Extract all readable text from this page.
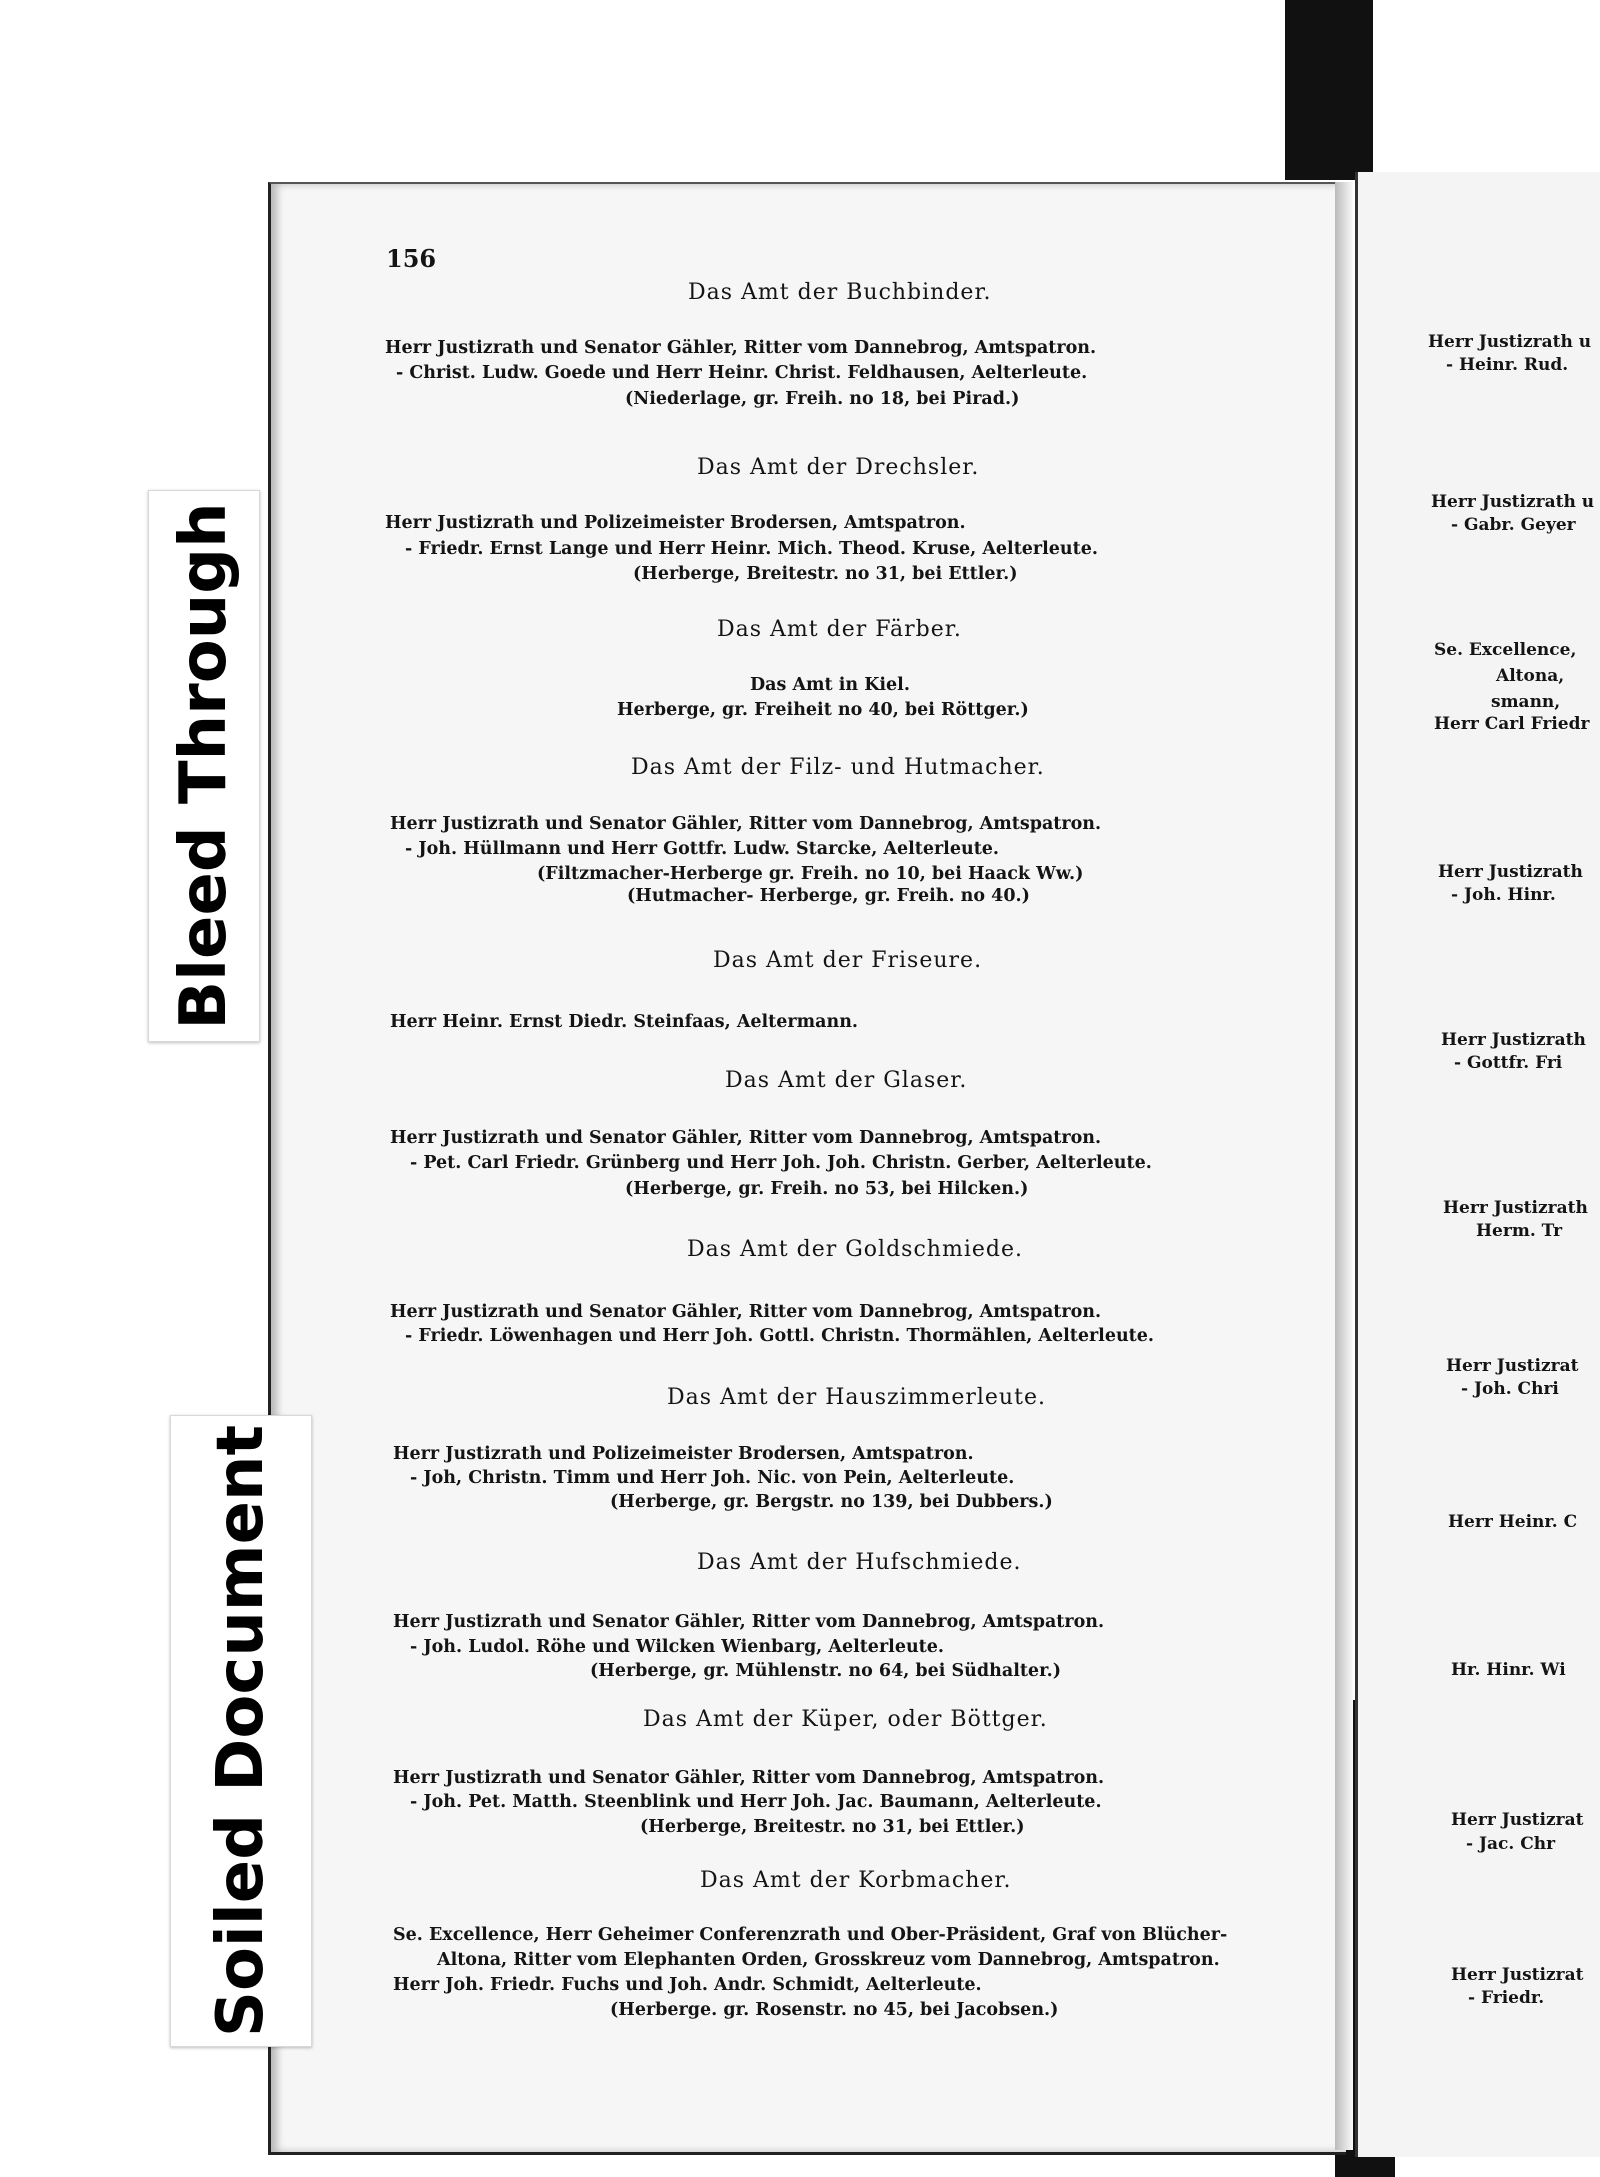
Herr Justizrath u
- Heinr. Rud.
Herr Justizrath u
- Gabr. Geyer
Se. Excellence,
Altona,
smann,
Herr Carl Friedr
Herr Justizrath
- Joh. Hinr.
Herr Justizrath
- Gottfr. Fri
Herr Justizrath
Herm. Tr
Herr Justizrat
- Joh. Chri
Herr Heinr. C
Hr. Hinr. Wi
Herr Justizrat
- Jac. Chr
Herr Justizrat
- Friedr.
Bleed Through
Soiled Document
156
Das Amt der Buchbinder.
Herr Justizrath und Senator Gähler, Ritter vom Dannebrog, Amtspatron.
- Christ. Ludw. Goede und Herr Heinr. Christ. Feldhausen, Aelterleute.
(Niederlage, gr. Freih. no 18, bei Pirad.)
Das Amt der Drechsler.
Herr Justizrath und Polizeimeister Brodersen, Amtspatron.
- Friedr. Ernst Lange und Herr Heinr. Mich. Theod. Kruse, Aelterleute.
(Herberge, Breitestr. no 31, bei Ettler.)
Das Amt der Färber.
Das Amt in Kiel.
Herberge, gr. Freiheit no 40, bei Röttger.)
Das Amt der Filz- und Hutmacher.
Herr Justizrath und Senator Gähler, Ritter vom Dannebrog, Amtspatron.
- Joh. Hüllmann und Herr Gottfr. Ludw. Starcke, Aelterleute.
(Filtzmacher-Herberge gr. Freih. no 10, bei Haack Ww.)
(Hutmacher- Herberge, gr. Freih. no 40.)
Das Amt der Friseure.
Herr Heinr. Ernst Diedr. Steinfaas, Aeltermann.
Das Amt der Glaser.
Herr Justizrath und Senator Gähler, Ritter vom Dannebrog, Amtspatron.
- Pet. Carl Friedr. Grünberg und Herr Joh. Joh. Christn. Gerber, Aelterleute.
(Herberge, gr. Freih. no 53, bei Hilcken.)
Das Amt der Goldschmiede.
Herr Justizrath und Senator Gähler, Ritter vom Dannebrog, Amtspatron.
- Friedr. Löwenhagen und Herr Joh. Gottl. Christn. Thormählen, Aelterleute.
Das Amt der Hauszimmerleute.
Herr Justizrath und Polizeimeister Brodersen, Amtspatron.
- Joh, Christn. Timm und Herr Joh. Nic. von Pein, Aelterleute.
(Herberge, gr. Bergstr. no 139, bei Dubbers.)
Das Amt der Hufschmiede.
Herr Justizrath und Senator Gähler, Ritter vom Dannebrog, Amtspatron.
- Joh. Ludol. Röhe und Wilcken Wienbarg, Aelterleute.
(Herberge, gr. Mühlenstr. no 64, bei Südhalter.)
Das Amt der Küper, oder Böttger.
Herr Justizrath und Senator Gähler, Ritter vom Dannebrog, Amtspatron.
- Joh. Pet. Matth. Steenblink und Herr Joh. Jac. Baumann, Aelterleute.
(Herberge, Breitestr. no 31, bei Ettler.)
Das Amt der Korbmacher.
Se. Excellence, Herr Geheimer Conferenzrath und Ober-Präsident, Graf von Blücher-
Altona, Ritter vom Elephanten Orden, Grosskreuz vom Dannebrog, Amtspatron.
Herr Joh. Friedr. Fuchs und Joh. Andr. Schmidt, Aelterleute.
(Herberge. gr. Rosenstr. no 45, bei Jacobsen.)
